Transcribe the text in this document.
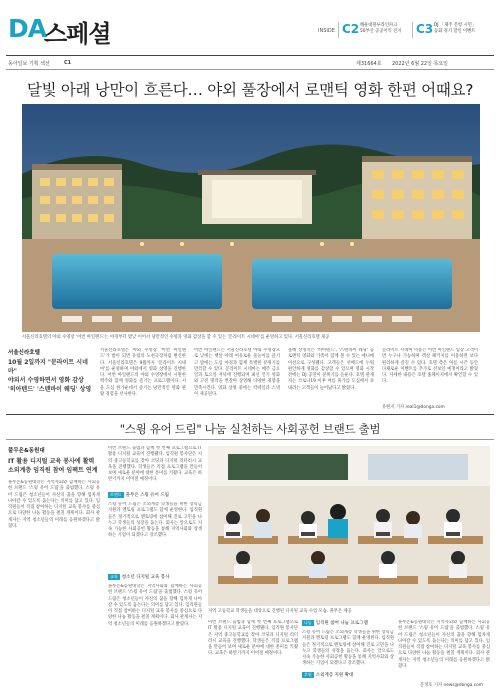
DA
스페셜	INSIDE C2 해운대블루라인파크
50부산 공공이익 진지 C3 DJ 「제주 문항 시민」
동화 경기 할인 이벤트
동아일보 기획 섹션	C1	제31664호 2022년 6월 22일 목요일
달빛 아래 낭만이 흐른다… 야외 풀장에서 로맨틱 영화 한편 어때요?
서울신라호텔의 야외 수영장 '어번 아일랜드'는 야경부터 밤낮 이어서 낭만적인 수영과 영화 감상을 할 수 있는 '문라이트 시네마'를 운영하고 있다. 서울신라호텔 제공
서울신라호텔
10월 2일까지 "문라이트 시네마"
야외서 수영하면서 영화 감상
'히아텐드' '스텐바이 웨딩' 상영
서울신라호텔은 야외 수영장 '어번 아일랜드'가 밤이 되면 유럽의 노천극장처럼 변신한다. 서울신라호텔은 9월까지 '문라이트 시네마'를 운영하며 야외에서 영화 상영을 진행한다. 어번 아일랜드의 야외 수영장에서 시원한 맥주와 함께 영화를 즐기는 프로그램이다. 서울 도심 한가운데서 즐기는 낭만적인 영화 관람 경험을 선사한다.
어번 아일랜드는 서울신라호텔 야외 수영장으로 낮에는 햇살 아래 여유로운 물놀이를 즐기고 밤에는 도심 야경과 함께 특별한 분위기를 만끽할 수 있다. 문라이트 시네마는 매주 금요일과 토요일 저녁에 진행되며 최신 인기 영화와 고전 명작을 번갈아 상영해 다양한 취향을 만족시킨다. 영화 상영 중에는 칵테일과 스낵이 제공된다.
올해 상영작은 '히아텐드', '스텐바이 웨딩' 등 로맨틱 영화와 가족이 함께 볼 수 있는 애니메이션으로 구성됐다. 고객들은 선베드에 누워 편안하게 영화를 감상할 수 있으며 영화 시작 전에는 DJ 공연이 분위기를 돋운다. 호텔 관계자는 코로나19 이후 여름 휴가를 도심에서 보내려는 고객들이 늘어났다고 밝혔다.
문라이트 시네마 이용은 어번 아일랜드 입장 고객이면 누구나 가능하며 객실 패키지를 이용하면 보다 편리하게 즐길 수 있다. 호텔 측은 여름 시즌 동안 다채로운 이벤트를 추가로 선보일 예정이라고 밝혔다. 자세한 내용은 호텔 홈페이지에서 확인할 수 있다.
유현지 기자 real1@donga.com
"스윙 유어 드림" 나눔 실천하는 사회공헌 브랜드 출범
풀무온&동원대
IT 활용 디지털 교육 봉사에 활력
소외계층 임직원 참여 임팩트 연계
풀무온&동원대학은 지역사회와 함께하는 사회공헌 브랜드 '스윙 유어 드림'을 출범했다. 스윙 유어 드림은 청소년들이 자신의 꿈을 향해 힘차게 나아갈 수 있도록 돕는다는 의미를 담고 있다. 임직원들이 직접 참여하는 디지털 교육 봉사를 중심으로 다양한 나눔 활동을 펼칠 계획이다. 회사 관계자는 지역 청소년들의 미래를 응원하겠다고 밝혔다.
이번 브랜드 출범과 함께 첫 번째 프로그램으로 IT 활용 디지털 교육이 진행됐다. 임직원 봉사단은 지역 중고등학교를 찾아 코딩과 디지털 리터러시 교육을 진행했다. 학생들은 직접 프로그램을 만들어 보며 새로운 분야에 대한 흥미를 키웠다. 교육은 하반기까지 이어질 예정이다.
브랜드 풀무온 스윙 유어 드림
스윙 유어 드림은 소외계층 학생들을 위한 장학금 지원과 멘토링 프로그램도 함께 운영한다. 임직원들은 정기적으로 멘토링에 참여해 진로 고민을 나누고 학생들의 성장을 돕는다. 회사는 앞으로도 지속 가능한 사회공헌 활동을 통해 지역사회와 상생하는 기업이 되겠다고 강조했다.
교육 청소년 디지털 교육 봉사
풀무온&동원대학은 지역사회와 함께하는 사회공헌 브랜드 '스윙 유어 드림'을 출범했다. 스윙 유어 드림은 청소년들이 자신의 꿈을 향해 힘차게 나아갈 수 있도록 돕는다는 의미를 담고 있다. 임직원들이 직접 참여하는 디지털 교육 봉사를 중심으로 다양한 나눔 활동을 펼칠 계획이다. 회사 관계자는 지역 청소년들의 미래를 응원하겠다고 밝혔다.
지역 고등학교 학생들을 대상으로 진행된 디지털 교육 수업 모습. 풀무온 제공
이번 브랜드 출범과 함께 첫 번째 프로그램으로 IT 활용 디지털 교육이 진행됐다. 임직원 봉사단은 지역 중고등학교를 찾아 코딩과 디지털 리터러시 교육을 진행했다. 학생들은 직접 프로그램을 만들어 보며 새로운 분야에 대한 흥미를 키웠다. 교육은 하반기까지 이어질 예정이다.
나눔 임직원 참여 나눔 프로그램
스윙 유어 드림은 소외계층 학생들을 위한 장학금 지원과 멘토링 프로그램도 함께 운영한다. 임직원들은 정기적으로 멘토링에 참여해 진로 고민을 나누고 학생들의 성장을 돕는다. 회사는 앞으로도 지속 가능한 사회공헌 활동을 통해 지역사회와 상생하는 기업이 되겠다고 강조했다.
후원 소외계층 지원 확대
풀무온&동원대학은 지역사회와 함께하는 사회공헌 브랜드 '스윙 유어 드림'을 출범했다. 스윙 유어 드림은 청소년들이 자신의 꿈을 향해 힘차게 나아갈 수 있도록 돕는다는 의미를 담고 있다. 임직원들이 직접 참여하는 디지털 교육 봉사를 중심으로 다양한 나눔 활동을 펼칠 계획이다. 회사 관계자는 지역 청소년들의 미래를 응원하겠다고 밝혔다.
문정호 기자 news@donga.com
